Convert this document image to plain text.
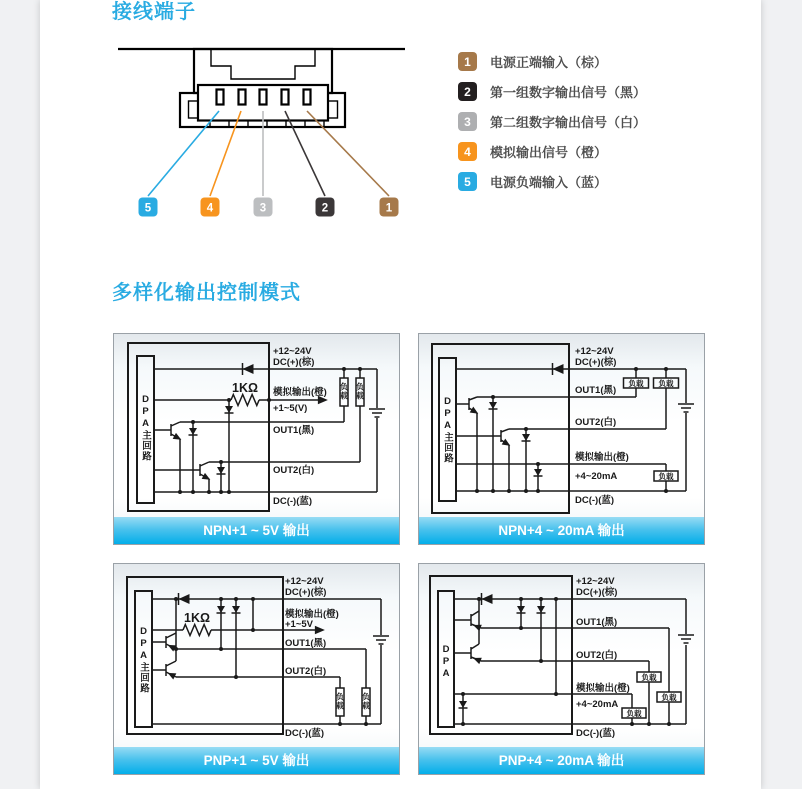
接线端子
5	4	3	2	1
1	电源正端输入（棕）
2	第一组数字输出信号（黑）
3	第二组数字输出信号（白）
4	模拟输出信号（橙）
5	电源负端输入（蓝）
多样化输出控制模式
DPA主回路
负载 负载
+12~24V
DC(+)(棕)
1KΩ 模拟输出(橙)
+1~5(V)
OUT1(黑)
OUT2(白)
DC(-)(蓝)
NPN+1 ~ 5V 输出
DPA主回路
负载 负载
负载
+12~24V
DC(+)(棕)
OUT1(黑)
OUT2(白)
模拟输出(橙)
+4~20mA
DC(-)(蓝)
NPN+4 ~ 20mA 输出
DPA主回路
负载 负载
+12~24V
DC(+)(棕)
1KΩ	模拟输出(橙)
+1~5V
OUT1(黑)
OUT2(白)
DC(-)(蓝)
PNP+1 ~ 5V 输出
DPA	负载
负载
负载
+12~24V
DC(+)(棕)
OUT1(黑)
OUT2(白)
模拟输出(橙)
+4~20mA
DC(-)(蓝)
PNP+4 ~ 20mA 输出
